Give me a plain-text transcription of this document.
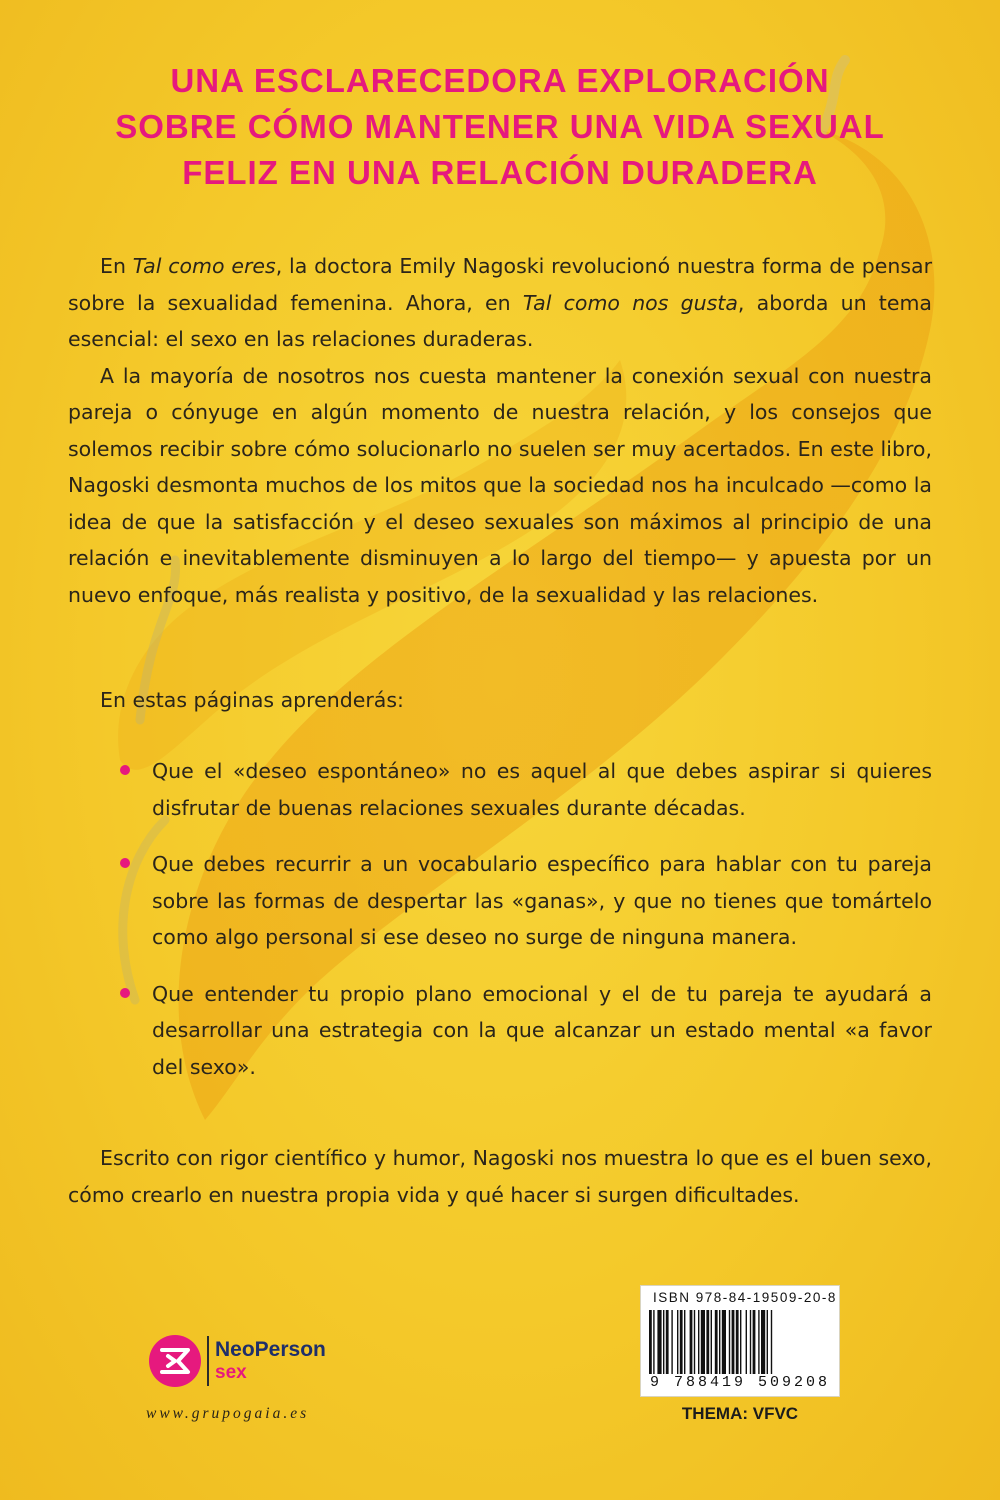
UNA ESCLARECEDORA EXPLORACIÓN
SOBRE CÓMO MANTENER UNA VIDA SEXUAL
FELIZ EN UNA RELACIÓN DURADERA

En Tal como eres, la doctora Emily Nagoski revolucionó nuestra forma de pensar sobre la sexualidad femenina. Ahora, en Tal como nos gusta, aborda un tema esencial: el sexo en las relaciones duraderas.

A la mayoría de nosotros nos cuesta mantener la conexión sexual con nuestra pareja o cónyuge en algún momento de nuestra relación, y los consejos que solemos recibir sobre cómo solucionarlo no suelen ser muy acertados. En este libro, Nagoski desmonta muchos de los mitos que la sociedad nos ha inculcado —como la idea de que la satisfacción y el deseo sexuales son máximos al principio de una relación e inevitablemente disminuyen a lo largo del tiempo— y apuesta por un nuevo enfoque, más realista y positivo, de la sexualidad y las relaciones.

En estas páginas aprenderás:

Que el «deseo espontáneo» no es aquel al que debes aspirar si quieres disfrutar de buenas relaciones sexuales durante décadas.
Que debes recurrir a un vocabulario específico para hablar con tu pareja sobre las formas de despertar las «ganas», y que no tienes que tomártelo como algo personal si ese deseo no surge de ninguna manera.
Que entender tu propio plano emocional y el de tu pareja te ayudará a desarrollar una estrategia con la que alcanzar un estado mental «a favor del sexo».

Escrito con rigor científico y humor, Nagoski nos muestra lo que es el buen sexo, cómo crearlo en nuestra propia vida y qué hacer si surgen dificultades.

NeoPerson
sex
www.grupogaia.es
ISBN 978-84-19509-20-8
9 788419 509208
THEMA: VFVC
